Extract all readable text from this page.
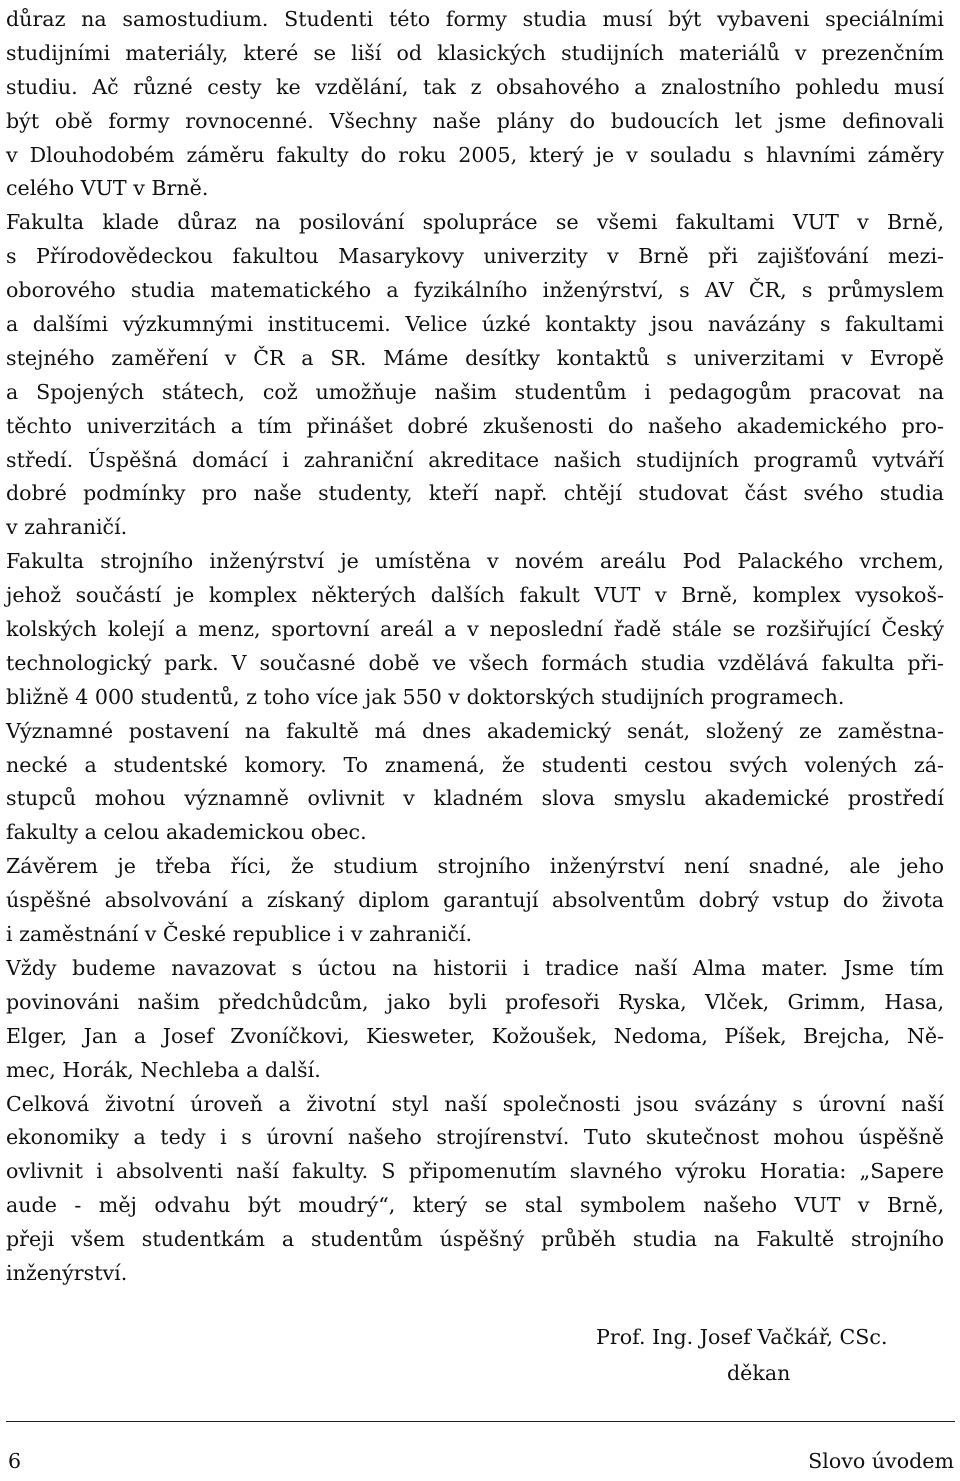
důraz na samostudium. Studenti této formy studia musí být vybaveni speciálními
studijními materiály, které se liší od klasických studijních materiálů v prezenčním
studiu. Ač různé cesty ke vzdělání, tak z obsahového a znalostního pohledu musí
být obě formy rovnocenné. Všechny naše plány do budoucích let jsme definovali
v Dlouhodobém záměru fakulty do roku 2005, který je v souladu s hlavními záměry
celého VUT v Brně.
Fakulta klade důraz na posilování spolupráce se všemi fakultami VUT v Brně,
s Přírodovědeckou fakultou Masarykovy univerzity v Brně při zajišťování mezi-
oborového studia matematického a fyzikálního inženýrství, s AV ČR, s průmyslem
a dalšími výzkumnými institucemi. Velice úzké kontakty jsou navázány s fakultami
stejného zaměření v ČR a SR. Máme desítky kontaktů s univerzitami v Evropě
a Spojených státech, což umožňuje našim studentům i pedagogům pracovat na
těchto univerzitách a tím přinášet dobré zkušenosti do našeho akademického pro-
středí. Úspěšná domácí i zahraniční akreditace našich studijních programů vytváří
dobré podmínky pro naše studenty, kteří např. chtějí studovat část svého studia
v zahraničí.
Fakulta strojního inženýrství je umístěna v novém areálu Pod Palackého vrchem,
jehož součástí je komplex některých dalších fakult VUT v Brně, komplex vysokoš-
kolských kolejí a menz, sportovní areál a v neposlední řadě stále se rozšiřující Český
technologický park. V současné době ve všech formách studia vzdělává fakulta při-
bližně 4 000 studentů, z toho více jak 550 v doktorských studijních programech.
Významné postavení na fakultě má dnes akademický senát, složený ze zaměstna-
necké a studentské komory. To znamená, že studenti cestou svých volených zá-
stupců mohou významně ovlivnit v kladném slova smyslu akademické prostředí
fakulty a celou akademickou obec.
Závěrem je třeba říci, že studium strojního inženýrství není snadné, ale jeho
úspěšné absolvování a získaný diplom garantují absolventům dobrý vstup do života
i zaměstnání v České republice i v zahraničí.
Vždy budeme navazovat s úctou na historii i tradice naší Alma mater. Jsme tím
povinováni našim předchůdcům, jako byli profesoři Ryska, Vlček, Grimm, Hasa,
Elger, Jan a Josef Zvoníčkovi, Kiesweter, Kožoušek, Nedoma, Píšek, Brejcha, Ně-
mec, Horák, Nechleba a další.
Celková životní úroveň a životní styl naší společnosti jsou svázány s úrovní naší
ekonomiky a tedy i s úrovní našeho strojírenství. Tuto skutečnost mohou úspěšně
ovlivnit i absolventi naší fakulty. S připomenutím slavného výroku Horatia: „Sapere
aude - měj odvahu být moudrý“, který se stal symbolem našeho VUT v Brně,
přeji všem studentkám a studentům úspěšný průběh studia na Fakultě strojního
inženýrství.
Prof. Ing. Josef Vačkář, CSc.
děkan
6	Slovo úvodem
